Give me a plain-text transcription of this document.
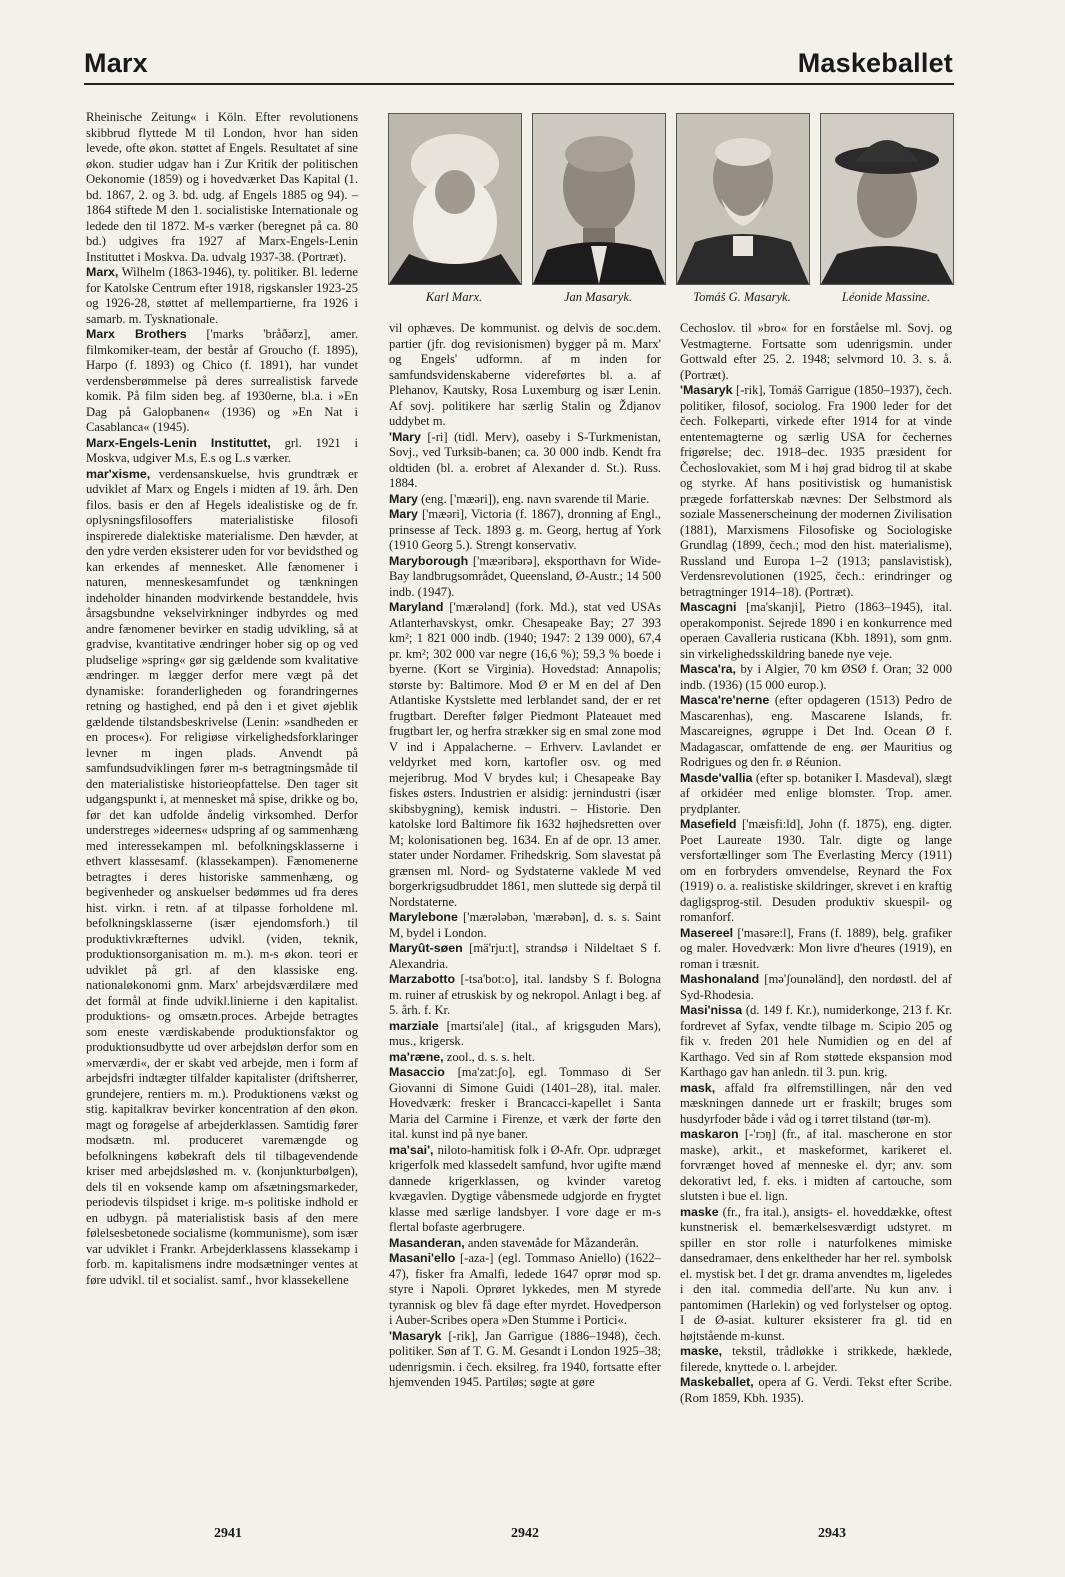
Marx	Maskeballet
Karl Marx.	Jan Masaryk.	Tomáš G. Masaryk.	Léonide Massine.

Rheinische Zeitung« i Köln. Efter revolutionens skibbrud flyttede M til London, hvor han siden levede, ofte økon. støttet af Engels. Resultatet af sine økon. studier udgav han i Zur Kritik der politischen Oekonomie (1859) og i hovedværket Das Kapital (1. bd. 1867, 2. og 3. bd. udg. af Engels 1885 og 94). – 1864 stiftede M den 1. socialistiske Internationale og ledede den til 1872. M-s værker (beregnet på ca. 80 bd.) udgives fra 1927 af Marx-Engels-Lenin Instituttet i Moskva. Da. udvalg 1937-38. (Portræt).

Marx, Wilhelm (1863-1946), ty. politiker. Bl. lederne for Katolske Centrum efter 1918, rigskansler 1923-25 og 1926-28, støttet af mellempartierne, fra 1926 i samarb. m. Tysknationale.

Marx Brothers ['marks 'bråðərz], amer. filmkomiker-team, der består af Groucho (f. 1895), Harpo (f. 1893) og Chico (f. 1891), har vundet verdensberømmelse på deres surrealistisk farvede komik. På film siden beg. af 1930erne, bl.a. i »En Dag på Galopbanen« (1936) og »En Nat i Casablanca« (1945).

Marx-Engels-Lenin Instituttet, grl. 1921 i Moskva, udgiver M.s, E.s og L.s værker.

mar'xisme, verdensanskuelse, hvis grundtræk er udviklet af Marx og Engels i midten af 19. årh. Den filos. basis er den af Hegels idealistiske og de fr. oplysningsfilosoffers materialistiske filosofi inspirerede dialektiske materialisme. Den hævder, at den ydre verden eksisterer uden for vor bevidsthed og kan erkendes af mennesket. Alle fænomener i naturen, menneskesamfundet og tænkningen indeholder hinanden modvirkende bestanddele, hvis årsagsbundne vekselvirkninger indbyrdes og med andre fænomener bevirker en stadig udvikling, så at gradvise, kvantitative ændringer hober sig op og ved pludselige »spring« gør sig gældende som kvalitative ændringer. m lægger derfor mere vægt på det dynamiske: foranderligheden og forandringernes retning og hastighed, end på den i et givet øjeblik gældende tilstandsbeskrivelse (Lenin: »sandheden er en proces«). For religiøse virkelighedsforklaringer levner m ingen plads. Anvendt på samfundsudviklingen fører m-s betragtningsmåde til den materialistiske historieopfattelse. Den tager sit udgangspunkt i, at mennesket må spise, drikke og bo, før det kan udfolde åndelig virksomhed. Derfor understreges »ideernes« udspring af og sammenhæng med interessekampen ml. befolkningsklasserne i ethvert klassesamf. (klassekampen). Fænomenerne betragtes i deres historiske sammenhæng, og begivenheder og anskuelser bedømmes ud fra deres hist. virkn. i retn. af at tilpasse forholdene ml. befolkningsklasserne (især ejendomsforh.) til produktivkræfternes udvikl. (viden, teknik, produktionsorganisation m. m.). m-s økon. teori er udviklet på grl. af den klassiske eng. nationaløkonomi gnm. Marx' arbejdsværdilære med det formål at finde udvikl.linierne i den kapitalist. produktions- og omsætn.proces. Arbejde betragtes som eneste værdiskabende produktionsfaktor og produktionsudbytte ud over arbejdsløn derfor som en »merværdi«, der er skabt ved arbejde, men i form af arbejdsfri indtægter tilfalder kapitalister (driftsherrer, grundejere, rentiers m. m.). Produktionens vækst og stig. kapitalkrav bevirker koncentration af den økon. magt og forøgelse af arbejderklassen. Samtidig fører modsætn. ml. produceret varemængde og befolkningens købekraft dels til tilbagevendende kriser med arbejdsløshed m. v. (konjunkturbølgen), dels til en voksende kamp om afsætningsmarkeder, periodevis tilspidset i krige. m-s politiske indhold er en udbygn. på materialistisk basis af den mere følelsesbetonede socialisme (kommunisme), som især var udviklet i Frankr. Arbejderklassens klassekamp i forb. m. kapitalismens indre modsætninger ventes at føre udvikl. til et socialist. samf., hvor klassekellene

vil ophæves. De kommunist. og delvis de soc.dem. partier (jfr. dog revisionismen) bygger på m. Marx' og Engels' udformn. af m inden for samfundsvidenskaberne videreførtes bl. a. af Plehanov, Kautsky, Rosa Luxemburg og især Lenin. Af sovj. politikere har særlig Stalin og Ždjanov uddybet m.

'Mary [-ri] (tidl. Merv), oaseby i S-Turkmenistan, Sovj., ved Turksib-banen; ca. 30 000 indb. Kendt fra oldtiden (bl. a. erobret af Alexander d. St.). Russ. 1884.

Mary (eng. ['mæəri]), eng. navn svarende til Marie.

Mary ['mæəri], Victoria (f. 1867), dronning af Engl., prinsesse af Teck. 1893 g. m. Georg, hertug af York (1910 Georg 5.). Strengt konservativ.

Maryborough ['mæəribərə], eksporthavn for Wide-Bay landbrugsområdet, Queensland, Ø-Austr.; 14 500 indb. (1947).

Maryland ['mærələnd] (fork. Md.), stat ved USAs Atlanterhavskyst, omkr. Chesapeake Bay; 27 393 km²; 1 821 000 indb. (1940; 1947: 2 139 000), 67,4 pr. km²; 302 000 var negre (16,6 %); 59,3 % boede i byerne. (Kort se Virginia). Hovedstad: Annapolis; største by: Baltimore. Mod Ø er M en del af Den Atlantiske Kystslette med lerblandet sand, der er ret frugtbart. Derefter følger Piedmont Plateauet med frugtbart ler, og herfra strækker sig en smal zone mod V ind i Appalacherne. – Erhverv. Lavlandet er veldyrket med korn, kartofler osv. og med mejeribrug. Mod V brydes kul; i Chesapeake Bay fiskes østers. Industrien er alsidig: jernindustri (især skibsbygning), kemisk industri. – Historie. Den katolske lord Baltimore fik 1632 højhedsretten over M; kolonisationen beg. 1634. En af de opr. 13 amer. stater under Nordamer. Frihedskrig. Som slavestat på grænsen ml. Nord- og Sydstaterne vaklede M ved borgerkrigsudbruddet 1861, men sluttede sig derpå til Nordstaterne.

Marylebone ['mærələbən, 'mærəbən], d. s. s. Saint M, bydel i London.

Maryût-søen [mä'rju:t], strandsø i Nildeltaet S f. Alexandria.

Marzabotto [-tsa'bot:o], ital. landsby S f. Bologna m. ruiner af etruskisk by og nekropol. Anlagt i beg. af 5. årh. f. Kr.

marziale [martsi'ale] (ital., af krigsguden Mars), mus., krigersk.

ma'ræne, zool., d. s. s. helt.

Masaccio [ma'zat:ʃo], egl. Tommaso di Ser Giovanni di Simone Guidi (1401–28), ital. maler. Hovedværk: fresker i Brancacci-kapellet i Santa Maria del Carmine i Firenze, et værk der førte den ital. kunst ind på nye baner.

ma'sai', niloto-hamitisk folk i Ø-Afr. Opr. udpræget krigerfolk med klassedelt samfund, hvor ugifte mænd dannede krigerklassen, og kvinder varetog kvægavlen. Dygtige våbensmede udgjorde en frygtet klasse med særlige landsbyer. I vore dage er m-s flertal bofaste agerbrugere.

Masanderan, anden staveмåde for Måzanderân.

Masani'ello [-aza-] (egl. Tommaso Aniello) (1622–47), fisker fra Amalfi, ledede 1647 oprør mod sp. styre i Napoli. Oprøret lykkedes, men M styrede tyrannisk og blev få dage efter myrdet. Hovedperson i Auber-Scribes opera »Den Stumme i Portici«.

'Masaryk [-rik], Jan Garrigue (1886–1948), čech. politiker. Søn af T. G. M. Gesandt i London 1925–38; udenrigsmin. i čech. eksilreg. fra 1940, fortsatte efter hjemvenden 1945. Partiløs; søgte at gøre

Cechoslov. til »bro« for en forståelse ml. Sovj. og Vestmagterne. Fortsatte som udenrigsmin. under Gottwald efter 25. 2. 1948; selvmord 10. 3. s. å. (Portræt).

'Masaryk [-rik], Tomáš Garrigue (1850–1937), čech. politiker, filosof, sociolog. Fra 1900 leder for det čech. Folkeparti, virkede efter 1914 for at vinde ententemagterne og særlig USA for čechernes frigørelse; dec. 1918–dec. 1935 præsident for Čechoslovakiet, som M i høj grad bidrog til at skabe og styrke. Af hans positivistisk og humanistisk prægede forfatterskab nævnes: Der Selbstmord als soziale Massenerscheinung der modernen Zivilisation (1881), Marxismens Filosofiske og Sociologiske Grundlag (1899, čech.; mod den hist. materialisme), Russland und Europa 1–2 (1913; panslavistisk), Verdensrevolutionen (1925, čech.: erindringer og betragtninger 1914–18). (Portræt).

Mascagni [ma'skanji], Pietro (1863–1945), ital. operakomponist. Sejrede 1890 i en konkurrence med operaen Cavalleria rusticana (Kbh. 1891), som gnm. sin virkelighedsskildring banede nye veje.

Masca'ra, by i Algier, 70 km ØSØ f. Oran; 32 000 indb. (1936) (15 000 europ.).

Masca're'nerne (efter opdageren (1513) Pedro de Mascarenhas), eng. Mascarene Islands, fr. Mascareignes, øgruppe i Det Ind. Ocean Ø f. Madagascar, omfattende de eng. øer Mauritius og Rodrigues og den fr. ø Réunion.

Masde'vallia (efter sp. botaniker I. Masdeval), slægt af orkidéer med enlige blomster. Trop. amer. prydplanter.

Masefield ['mæisfi:ld], John (f. 1875), eng. digter. Poet Laureate 1930. Talr. digte og lange versfortællinger som The Everlasting Mercy (1911) om en forbryders omvendelse, Reynard the Fox (1919) o. a. realistiske skildringer, skrevet i en kraftig dagligsprog-stil. Desuden produktiv skuespil- og romanforf.

Masereel ['masəre:l], Frans (f. 1889), belg. grafiker og maler. Hovedværk: Mon livre d'heures (1919), en roman i træsnit.

Mashonaland [mə'ʃounəländ], den nordøstl. del af Syd-Rhodesia.

Masi'nissa (d. 149 f. Kr.), numiderkonge, 213 f. Kr. fordrevet af Syfax, vendte tilbage m. Scipio 205 og fik v. freden 201 hele Numidien og en del af Karthago. Ved sin af Rom støttede ekspansion mod Karthago gav han anledn. til 3. pun. krig.

mask, affald fra ølfremstillingen, når den ved mæskningen dannede urt er fraskilt; bruges som husdyrfoder både i våd og i tørret tilstand (tør-m).

maskaron [-'rɔŋ] (fr., af ital. mascherone en stor maske), arkit., et maskeformet, karikeret el. forvrænget hoved af menneske el. dyr; anv. som dekorativt led, f. eks. i midten af cartouche, som slutsten i bue el. lign.

maske (fr., fra ital.), ansigts- el. hoveddække, oftest kunstnerisk el. bemærkelsesværdigt udstyret. m spiller en stor rolle i naturfolkenes mimiske dansedramaer, dens enkeltheder har her rel. symbolsk el. mystisk bet. I det gr. drama anvendtes m, ligeledes i den ital. commedia dell'arte. Nu kun anv. i pantomimen (Harlekin) og ved forlystelser og optog. I de Ø-asiat. kulturer eksisterer fra gl. tid en højtstående m-kunst.

maske, tekstil, trådløkke i strikkede, hæklede, filerede, knyttede o. l. arbejder.

Maskeballet, opera af G. Verdi. Tekst efter Scribe. (Rom 1859, Kbh. 1935).

2941	2942	2943
